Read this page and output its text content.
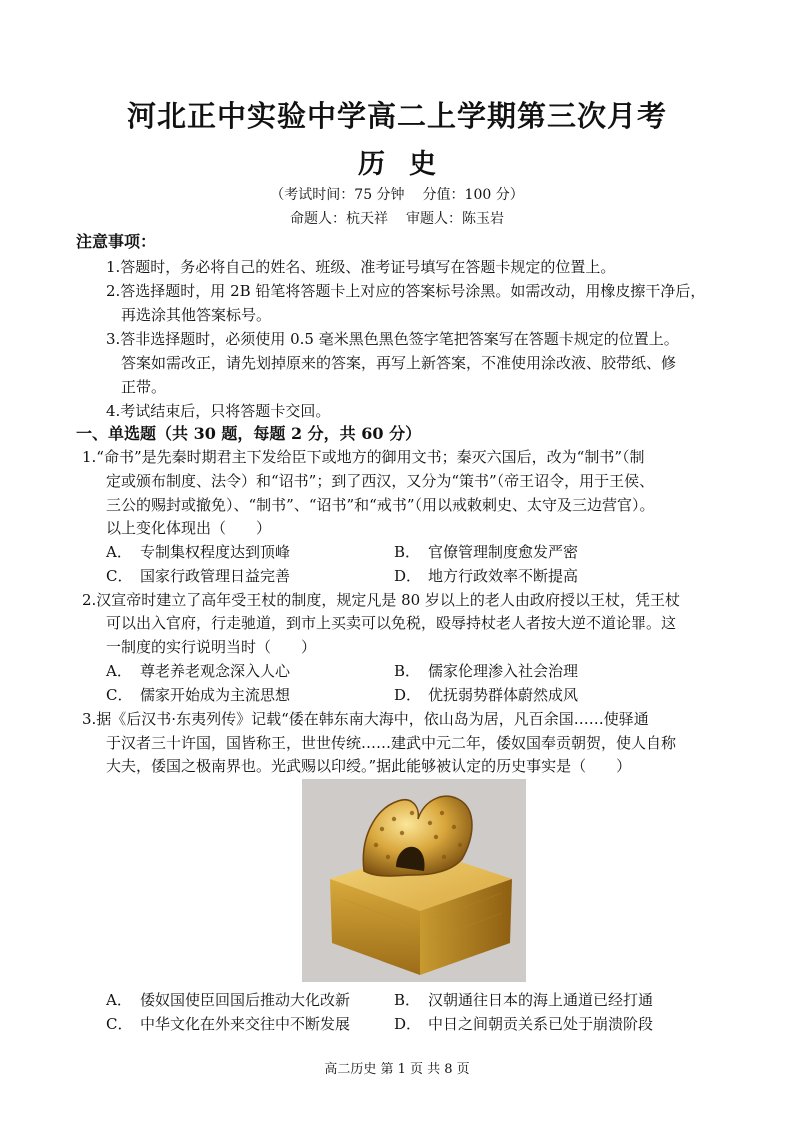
河北正中实验中学高二上学期第三次月考
历史
（考试时间：75 分钟 分值：100 分）
命题人：杭天祥 审题人：陈玉岩
注意事项：
1.答题时，务必将自己的姓名、班级、准考证号填写在答题卡规定的位置上。
2.答选择题时，用 2B 铅笔将答题卡上对应的答案标号涂黑。如需改动，用橡皮擦干净后，
再选涂其他答案标号。
3.答非选择题时，必须使用 0.5 毫米黑色黑色签字笔把答案写在答题卡规定的位置上。
答案如需改正，请先划掉原来的答案，再写上新答案，不准使用涂改液、胶带纸、修
正带。
4.考试结束后，只将答题卡交回。
一、单选题（共 30 题，每题 2 分，共 60 分）
1.“命书”是先秦时期君主下发给臣下或地方的御用文书；秦灭六国后，改为“制书”（制
定或颁布制度、法令）和“诏书”；到了西汉，又分为“策书”（帝王诏令，用于王侯、
三公的赐封或撤免）、“制书”、“诏书”和“戒书”（用以戒敕刺史、太守及三边营官）。
以上变化体现出（　　）
A． 专制集权程度达到顶峰	B． 官僚管理制度愈发严密
C． 国家行政管理日益完善	D． 地方行政效率不断提高
2.汉宣帝时建立了高年受王杖的制度，规定凡是 80 岁以上的老人由政府授以王杖，凭王杖
可以出入官府，行走驰道，到市上买卖可以免税，殴辱持杖老人者按大逆不道论罪。这
一制度的实行说明当时（　　）
A． 尊老养老观念深入人心	B． 儒家伦理渗入社会治理
C． 儒家开始成为主流思想	D． 优抚弱势群体蔚然成风
3.据《后汉书·东夷列传》记载“倭在韩东南大海中，依山岛为居，凡百余国……使驿通
于汉者三十许国，国皆称王，世世传统……建武中元二年，倭奴国奉贡朝贺，使人自称
大夫，倭国之极南界也。光武赐以印绶。”据此能够被认定的历史事实是（　　）
A． 倭奴国使臣回国后推动大化改新	B． 汉朝通往日本的海上通道已经打通
C． 中华文化在外来交往中不断发展	D． 中日之间朝贡关系已处于崩溃阶段
高二历史 第 1 页 共 8 页
